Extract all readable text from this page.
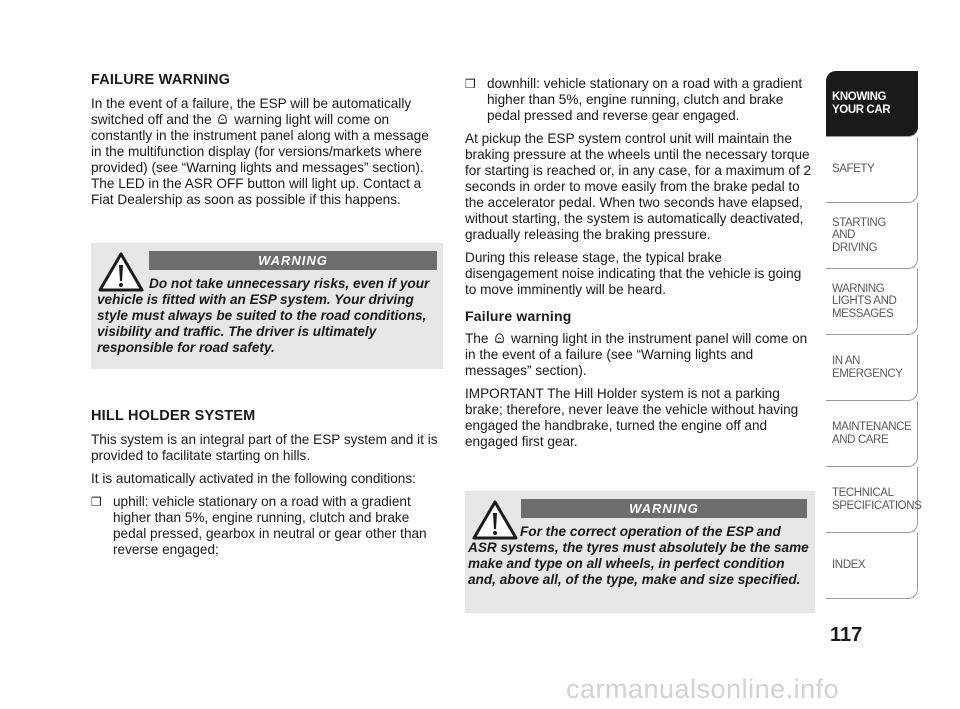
FAILURE WARNING

In the event of a failure, the ESP will be automatically switched off and the warning light will come on constantly in the instrument panel along with a message in the multifunction display (for versions/markets where provided) (see “Warning lights and messages” section). The LED in the ASR OFF button will light up. Contact a Fiat Dealership as soon as possible if this happens.

WARNING
Do not take unnecessary risks, even if your vehicle is fitted with an ESP system. Your driving style must always be suited to the road conditions, visibility and traffic. The driver is ultimately responsible for road safety.
HILL HOLDER SYSTEM

This system is an integral part of the ESP system and it is provided to facilitate starting on hills.

It is automatically activated in the following conditions:

❒ uphill: vehicle stationary on a road with a gradient higher than 5%, engine running, clutch and brake pedal pressed, gearbox in neutral or gear other than reverse engaged;
❒ downhill: vehicle stationary on a road with a gradient higher than 5%, engine running, clutch and brake pedal pressed and reverse gear engaged.

At pickup the ESP system control unit will maintain the braking pressure at the wheels until the necessary torque for starting is reached or, in any case, for a maximum of 2 seconds in order to move easily from the brake pedal to the accelerator pedal. When two seconds have elapsed, without starting, the system is automatically deactivated, gradually releasing the braking pressure.

During this release stage, the typical brake disengagement noise indicating that the vehicle is going to move imminently will be heard.

Failure warning

The warning light in the instrument panel will come on in the event of a failure (see “Warning lights and messages” section).

IMPORTANT The Hill Holder system is not a parking brake; therefore, never leave the vehicle without having engaged the handbrake, turned the engine off and engaged first gear.

WARNING
For the correct operation of the ESP and ASR systems, the tyres must absolutely be the same make and type on all wheels, in perfect condition and, above all, of the type, make and size specified.
KNOWING
YOUR CAR
SAFETY
STARTING
AND
DRIVING
WARNING
LIGHTS AND
MESSAGES
IN AN
EMERGENCY
MAINTENANCE
AND CARE
TECHNICAL
SPECIFICATIONS
INDEX
117
carmanualsonline.info
